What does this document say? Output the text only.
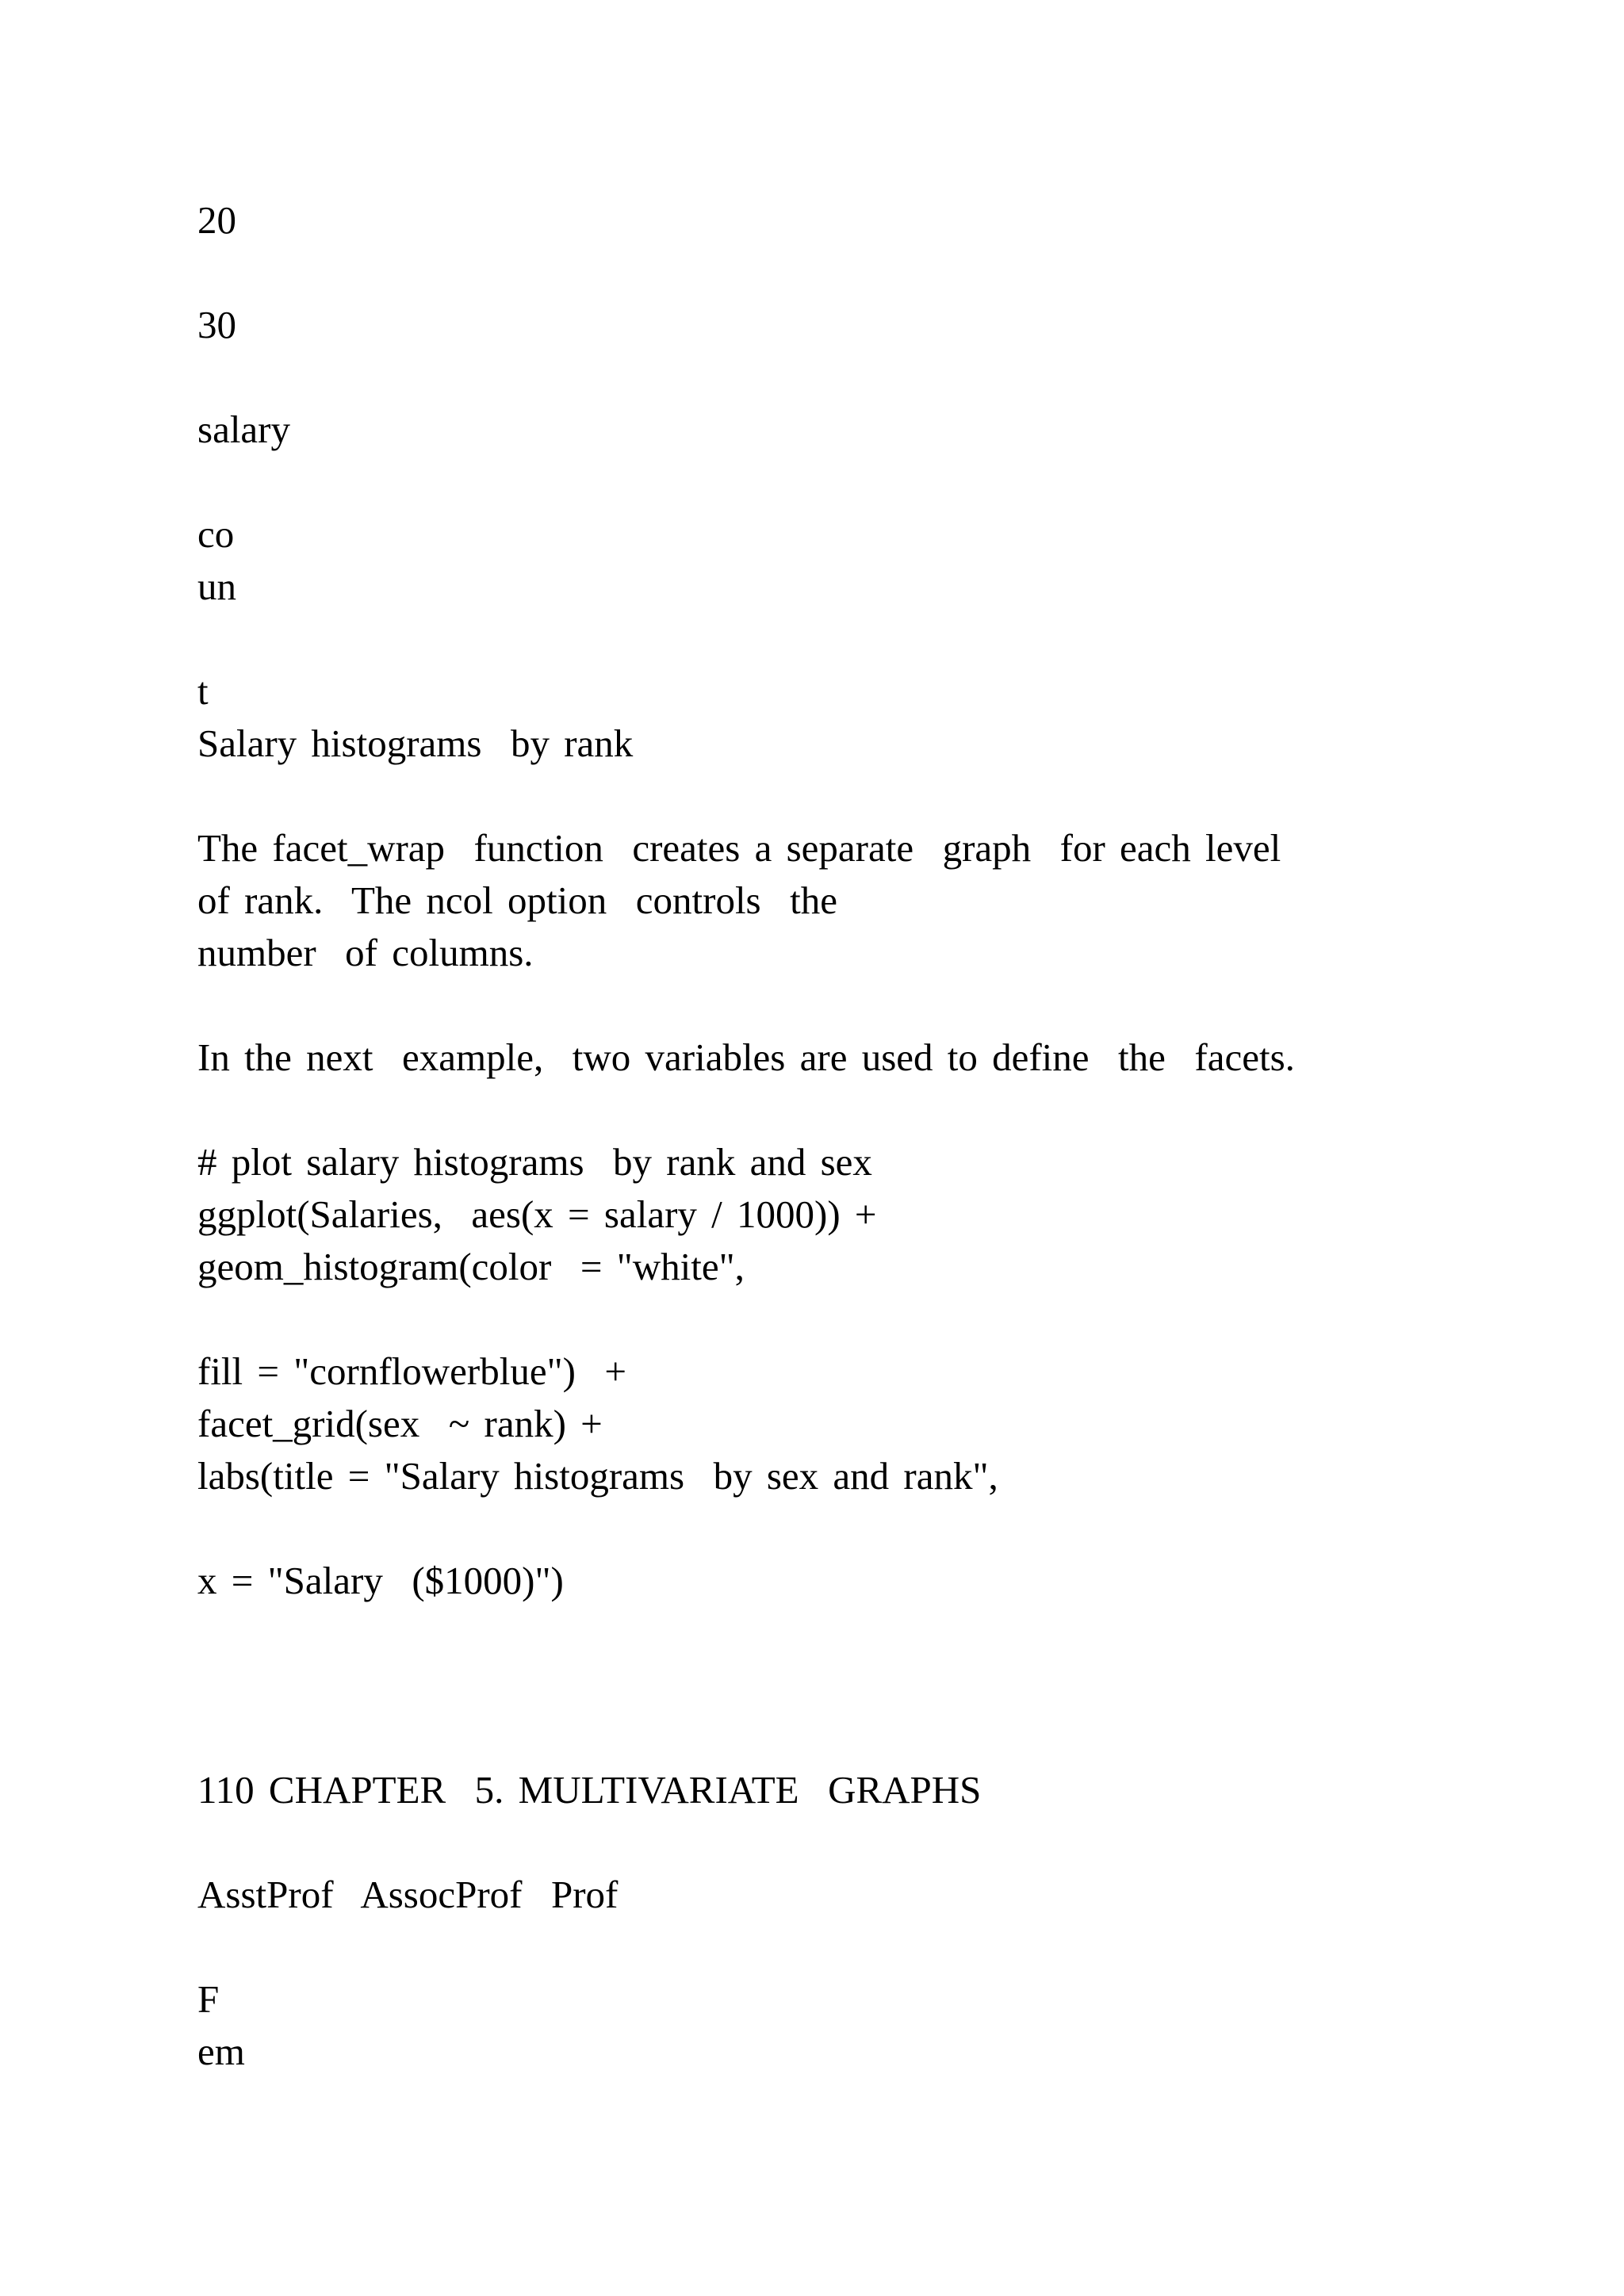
20
30
salary
co
un
t
Salary histograms  by rank
The facet_wrap  function  creates a separate  graph  for each level
of rank.  The ncol option  controls  the
number  of columns.
In the next  example,  two variables are used to define  the  facets.
# plot salary histograms  by rank and sex
ggplot(Salaries,  aes(x = salary / 1000)) +
geom_histogram(color  = "white",
fill = "cornflowerblue")  +
facet_grid(sex  ~ rank) +
labs(title = "Salary histograms  by sex and rank",
x = "Salary  ($1000)")
110 CHAPTER  5. MULTIVARIATE  GRAPHS
AsstProf  AssocProf  Prof
F
em
